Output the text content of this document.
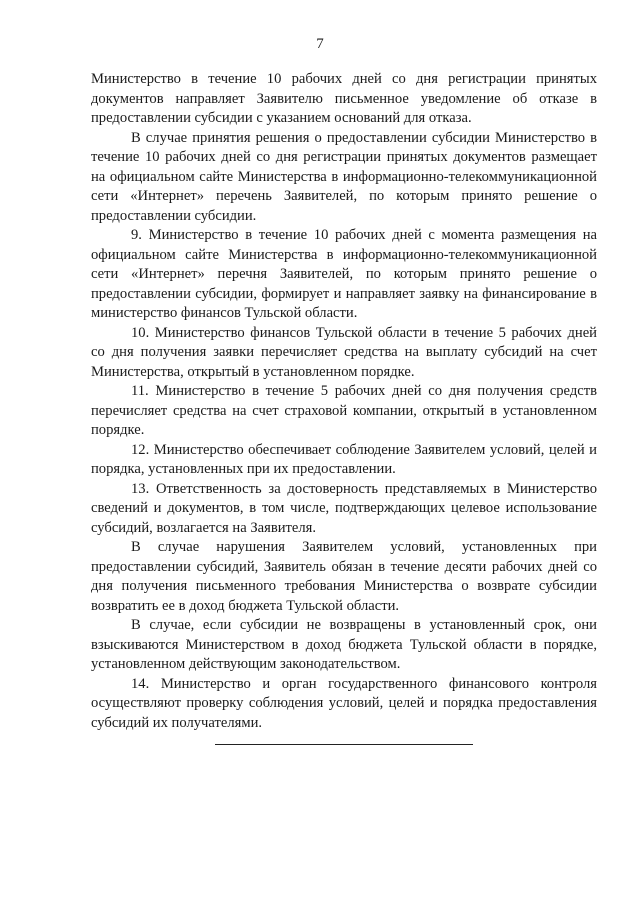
7

Министерство в течение 10 рабочих дней со дня регистрации принятых документов направляет Заявителю письменное уведомление об отказе в предоставлении субсидии с указанием оснований для отказа.

В случае принятия решения о предоставлении субсидии Министерство в течение 10 рабочих дней со дня регистрации принятых документов размещает на официальном сайте Министерства в информационно-телекоммуникационной сети «Интернет» перечень Заявителей, по которым принято решение о предоставлении субсидии.

9. Министерство в течение 10 рабочих дней с момента размещения на официальном сайте Министерства в информационно-телекоммуникационной сети «Интернет» перечня Заявителей, по которым принято решение о предоставлении субсидии, формирует и направляет заявку на финансирование в министерство финансов Тульской области.

10. Министерство финансов Тульской области в течение 5 рабочих дней со дня получения заявки перечисляет средства на выплату субсидий на счет Министерства, открытый в установленном порядке.

11. Министерство в течение 5 рабочих дней со дня получения средств перечисляет средства на счет страховой компании, открытый в установленном порядке.

12. Министерство обеспечивает соблюдение Заявителем условий, целей и порядка, установленных при их предоставлении.

13. Ответственность за достоверность представляемых в Министерство сведений и документов, в том числе, подтверждающих целевое использование субсидий, возлагается на Заявителя.

В случае нарушения Заявителем условий, установленных при предоставлении субсидий, Заявитель обязан в течение десяти рабочих дней со дня получения письменного требования Министерства о возврате субсидии возвратить ее в доход бюджета Тульской области.

В случае, если субсидии не возвращены в установленный срок, они взыскиваются Министерством в доход бюджета Тульской области в порядке, установленном действующим законодательством.

14. Министерство и орган государственного финансового контроля осуществляют проверку соблюдения условий, целей и порядка предоставления субсидий их получателями.
